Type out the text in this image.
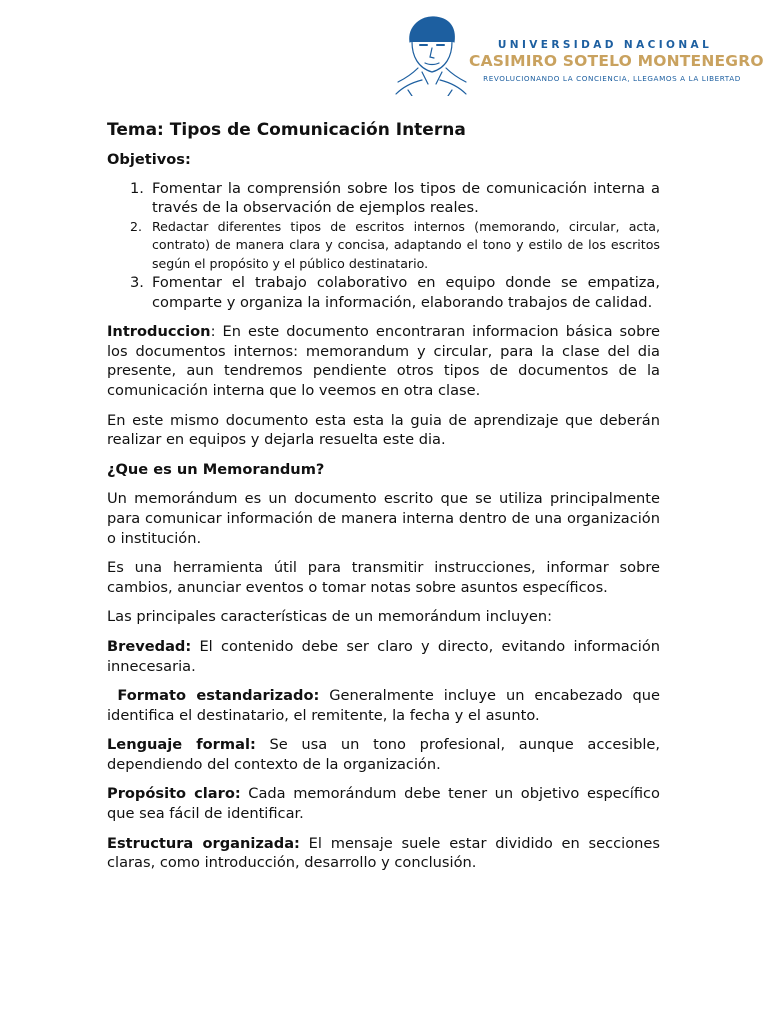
UNIVERSIDAD NACIONAL
CASIMIRO SOTELO MONTENEGRO
REVOLUCIONANDO LA CONCIENCIA, LLEGAMOS A LA LIBERTAD
Tema: Tipos de Comunicación Interna

Objetivos:

1. Fomentar la comprensión sobre los tipos de comunicación interna a través de la observación de ejemplos reales.
2. Redactar diferentes tipos de escritos internos (memorando, circular, acta, contrato) de manera clara y concisa, adaptando el tono y estilo de los escritos según el propósito y el público destinatario.
3. Fomentar el trabajo colaborativo en equipo donde se empatiza, comparte y organiza la información, elaborando trabajos de calidad.

Introduccion: En este documento encontraran informacion básica sobre los documentos internos: memorandum y circular, para la clase del dia presente, aun tendremos pendiente otros tipos de documentos de la comunicación interna que lo veemos en otra clase.

En este mismo documento esta esta la guia de aprendizaje que deberán realizar en equipos y dejarla resuelta este dia.

¿Que es un Memorandum?

Un memorándum es un documento escrito que se utiliza principalmente para comunicar información de manera interna dentro de una organización o institución.

Es una herramienta útil para transmitir instrucciones, informar sobre cambios, anunciar eventos o tomar notas sobre asuntos específicos.

Las principales características de un memorándum incluyen:

Brevedad: El contenido debe ser claro y directo, evitando información innecesaria.

Formato estandarizado: Generalmente incluye un encabezado que identifica el destinatario, el remitente, la fecha y el asunto.

Lenguaje formal: Se usa un tono profesional, aunque accesible, dependiendo del contexto de la organización.

Propósito claro: Cada memorándum debe tener un objetivo específico que sea fácil de identificar.

Estructura organizada: El mensaje suele estar dividido en secciones claras, como introducción, desarrollo y conclusión.
